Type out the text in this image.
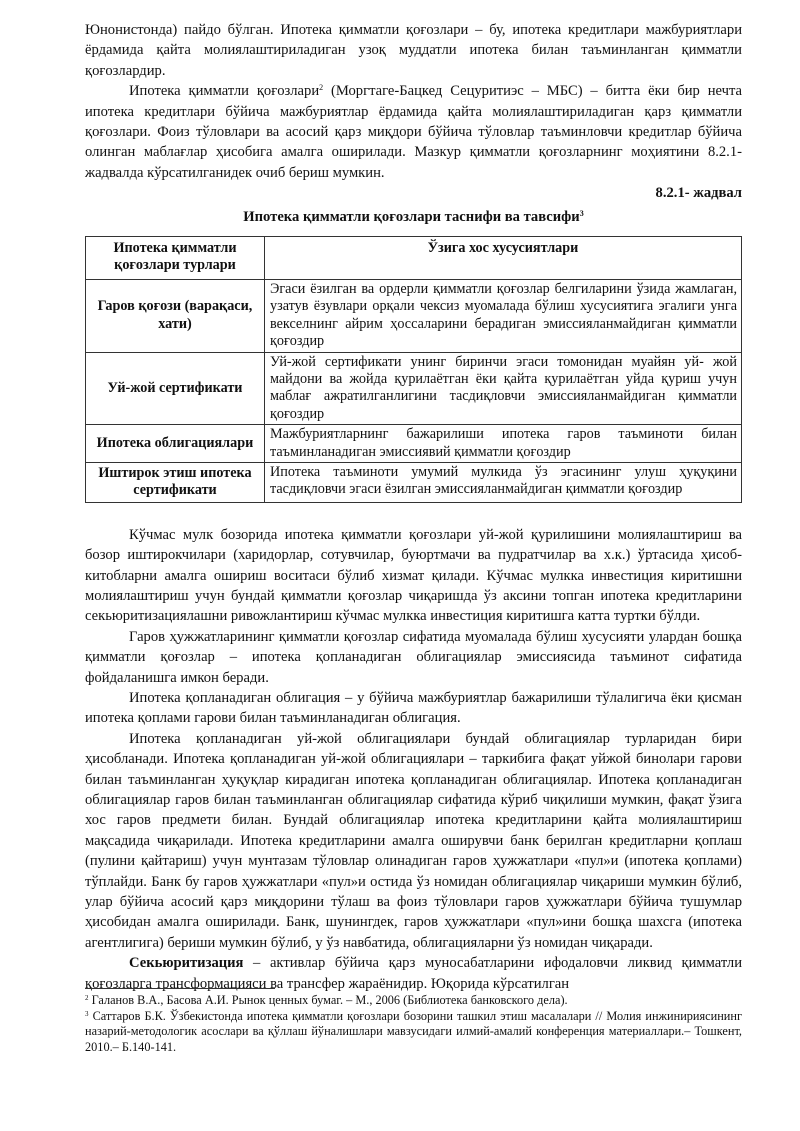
Юнонистонда) пайдо бўлган. Ипотека қимматли қоғозлари – бу, ипотека кредитлари мажбуриятлари ёрдамида қайта молиялаштириладиган узоқ муддатли ипотека билан таъминланган қимматли қоғозлардир.

Ипотека қимматли қоғозлари$^2$ (Моргтаге-Бацкед Сецуритиэс – МБС) – битта ёки бир нечта ипотека кредитлари бўйича мажбуриятлар ёрдамида қайта молиялаштириладиган қарз қимматли қоғозлари. Фоиз тўловлари ва асосий қарз миқдори бўйича тўловлар таъминловчи кредитлар бўйича олинган маблағлар ҳисобига амалга оширилади. Мазкур қимматли қоғозларнинг моҳиятини 8.2.1-жадвалда кўрсатилганидек очиб бериш мумкин.

8.2.1- жадвал

Ипотека қимматли қоғозлари таснифи ва тавсифи$^3$

Ипотека қимматли қоғозлари турлари	Ўзига хос хусусиятлари
Гаров қоғози (варақаси, хати)	Эгаси ёзилган ва ордерли қимматли қоғозлар белгиларини ўзида жамлаган, узатув ёзувлари орқали чексиз муомалада бўлиш хусусиятига эгалиги унга вексел​нинг айрим ҳоссаларини берадиган эмиссиялан​майдиган қимматли қоғоздир
Уй-жой сертификати	Уй-жой сертификати унинг биринчи эгаси томонидан муайян уй- жой майдони ва жойда қурилаётган ёки қайта қурилаётган уйда қуриш учун маблағ ажратилганлигини тасдиқловчи эмиссияланмайдиган қимматли қоғоздир
Ипотека облигациялари	Мажбуриятларнинг бажарилиши ипотека гаров таъминоти билан таъминланадиган эмиссиявий қимматли қоғоздир
Иштирок этиш ипотека сертификати	Ипотека таъминоти умумий мулкида ўз эгасининг улуш ҳуқуқини тасдиқловчи эгаси ёзилган эмиссияланмайдиган қимматли қоғоздир

Кўчмас мулк бозорида ипотека қимматли қоғозлари уй-жой қурилишини молиялаштириш ва бозор иштирокчилари (харидорлар, сотувчилар, буюртмачи ва пудратчилар ва х.к.) ўртасида ҳисоб-китобларни амалга ошириш воситаси бўлиб хизмат қилади. Кўчмас мулкка инвестиция киритишни молиялаштириш учун бундай қимматли қоғозлар чиқаришда ўз аксини топган ипотека кредитларини секьюритизациялашни ривожлантириш кўчмас мулкка инвестиция киритишга катта туртки бўлди.

Гаров ҳужжатларининг қимматли қоғозлар сифатида муомалада бўлиш хусусияти улардан бошқа қимматли қоғозлар – ипотека қопланадиган облигациялар эмиссиясида таъминот сифатида фойдаланишга имкон беради.

Ипотека қопланадиган облигация – у бўйича мажбуриятлар бажарилиши тўлалигича ёки қисман ипотека қоплами гарови билан таъминланадиган облигация.

Ипотека қопланадиган уй-жой облигациялари бундай облигациялар турларидан бири ҳисобланади. Ипотека қопланадиган уй-жой облигациялари – таркибига фақат уйжой бинолари гарови билан таъминланган ҳуқуқлар кирадиган ипотека қопланадиган облигациялар. Ипотека қопланадиган облигациялар гаров билан таъминланган облигациялар сифатида кўриб чиқилиши мумкин, фақат ўзига хос гаров предмети билан. Бундай облигациялар ипотека кредитларини қайта молиялаштириш мақсадида чиқарилади. Ипотека кредитларини амалга оширувчи банк берилган кредитларни қоплаш (пулини қайтариш) учун мунтазам тўловлар олинадиган гаров ҳужжатлари «пул»и (ипотека қоплами) тўплайди. Банк бу гаров ҳужжатлари «пул»и остида ўз номидан облигациялар чиқариши мумкин бўлиб, улар бўйича асосий қарз миқдорини тўлаш ва фоиз тўловлари гаров ҳужжатлари бўйича тушумлар ҳисобидан амалга оширилади. Банк, шунингдек, гаров ҳужжатлари «пул»ини бошқа шахсга (ипотека агентлигига) бериши мумкин бўлиб, у ўз навбатида, облигацияларни ўз номидан чиқаради.

Секьюритизация – активлар бўйича қарз муносабатларини ифодаловчи ликвид қимматли қоғозларга трансформацияси ва трансфер жараёнидир. Юқорида кўрсатилган

$^2$ Галанов В.А., Басова А.И. Рынок ценных бумаг. – М., 2006 (Библиотека банковского дела).

$^3$ Саттаров Б.К. Ўзбекистонда ипотека қимматли қоғозлари бозорини ташкил этиш масалалари // Молия инжинириясининг назарий-методологик асослари ва қўллаш йўналишлари мавзусидаги илмий-амалий конференция материаллари.– Тошкент, 2010.– Б.140-141.
